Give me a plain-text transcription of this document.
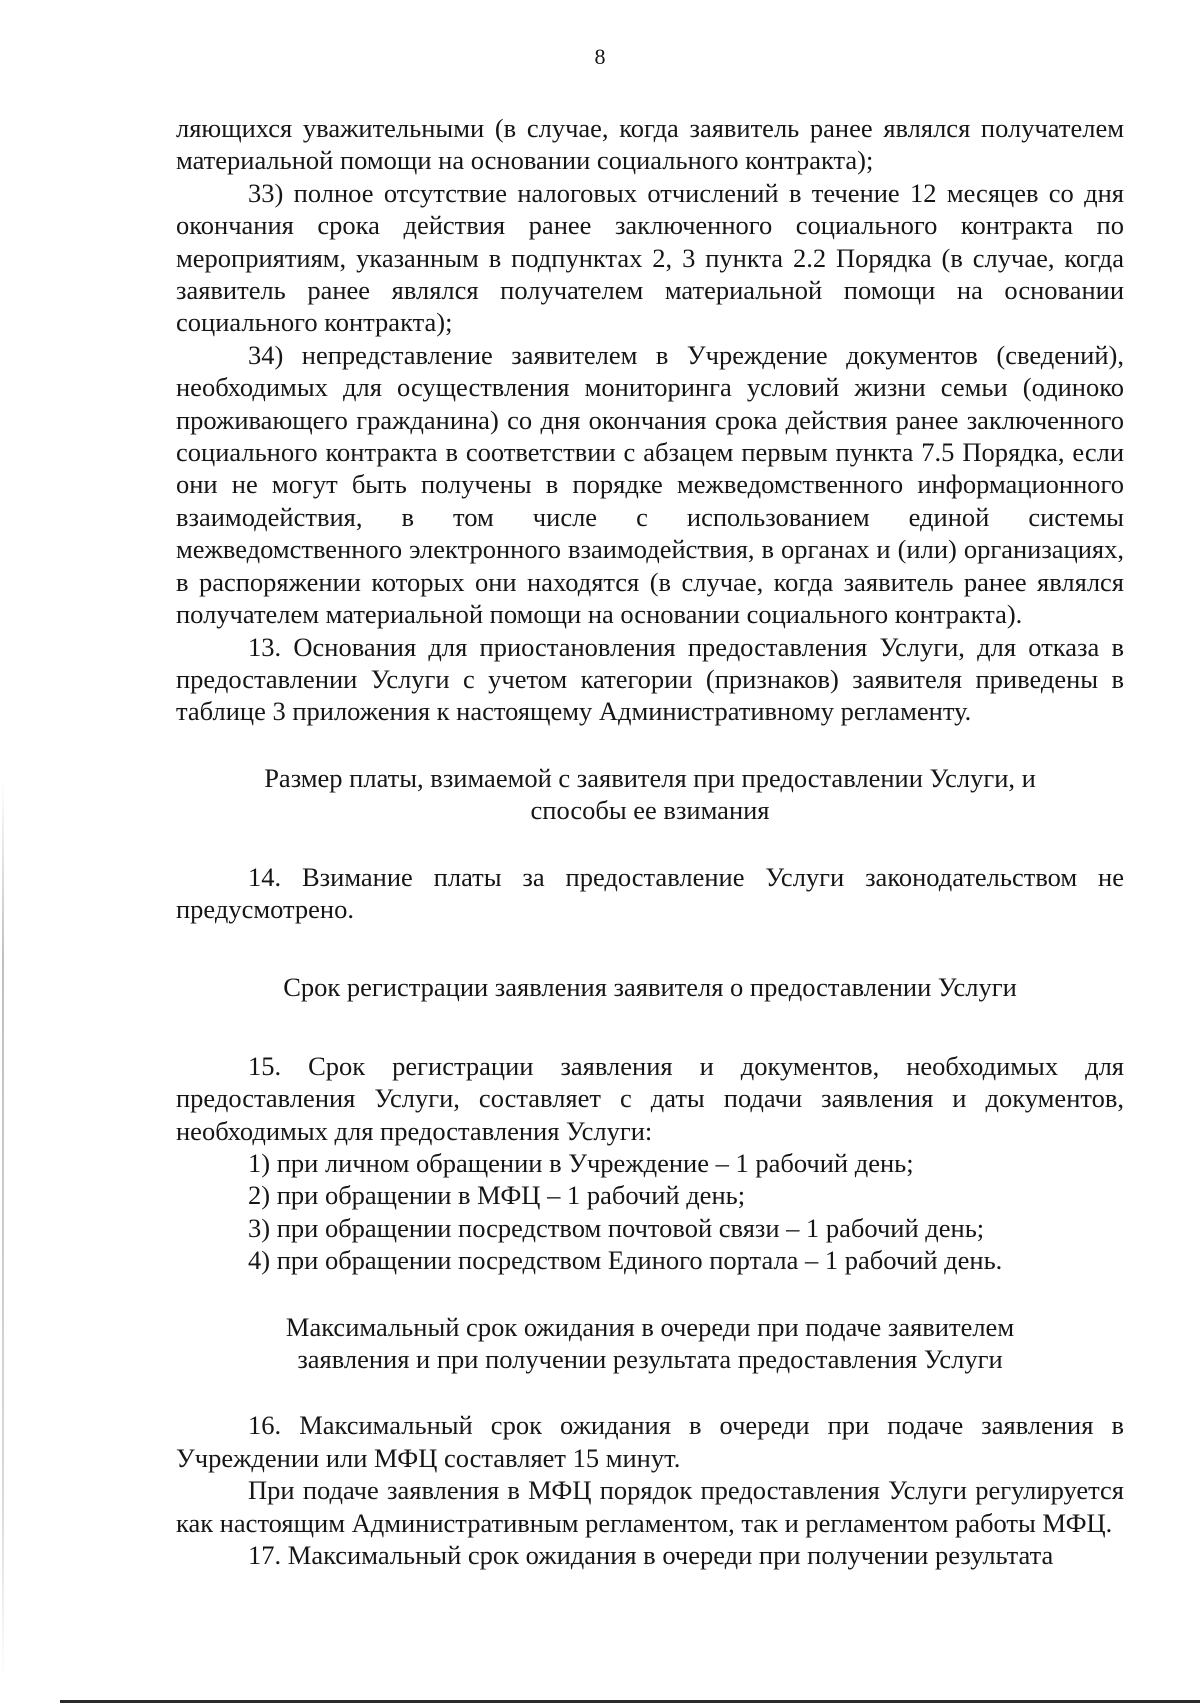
8

ляющихся уважительными (в случае, когда заявитель ранее являлся получателем материальной помощи на основании социального контракта);

33) полное отсутствие налоговых отчислений в течение 12 месяцев со дня окончания срока действия ранее заключенного социального контракта по мероприятиям, указанным в подпунктах 2, 3 пункта 2.2 Порядка (в случае, когда заявитель ранее являлся получателем материальной помощи на основании социального контракта);

34) непредставление заявителем в Учреждение документов (сведений), необходимых для осуществления мониторинга условий жизни семьи (одиноко проживающего гражданина) со дня окончания срока действия ранее заключенного социального контракта в соответствии с абзацем первым пункта 7.5 Порядка, если они не могут быть получены в порядке межведомственного информационного взаимодействия, в том числе с использованием единой системы межведомственного электронного взаимодействия, в органах и (или) организациях, в распоряжении которых они находятся (в случае, когда заявитель ранее являлся получателем материальной помощи на основании социального контракта).

13. Основания для приостановления предоставления Услуги, для отказа в предоставлении Услуги с учетом категории (признаков) заявителя приведены в таблице 3 приложения к настоящему Административному регламенту.

Размер платы, взимаемой с заявителя при предоставлении Услуги, и способы ее взимания

14. Взимание платы за предоставление Услуги законодательством не предусмотрено.

Срок регистрации заявления заявителя о предоставлении Услуги

15. Срок регистрации заявления и документов, необходимых для предоставления Услуги, составляет с даты подачи заявления и документов, необходимых для предоставления Услуги:

1) при личном обращении в Учреждение – 1 рабочий день;

2) при обращении в МФЦ – 1 рабочий день;

3) при обращении посредством почтовой связи – 1 рабочий день;

4) при обращении посредством Единого портала – 1 рабочий день.

Максимальный срок ожидания в очереди при подаче заявителем заявления и при получении результата предоставления Услуги

16. Максимальный срок ожидания в очереди при подаче заявления в Учреждении или МФЦ составляет 15 минут.

При подаче заявления в МФЦ порядок предоставления Услуги регулируется как настоящим Административным регламентом, так и регламентом работы МФЦ.

17. Максимальный срок ожидания в очереди при получении результата
